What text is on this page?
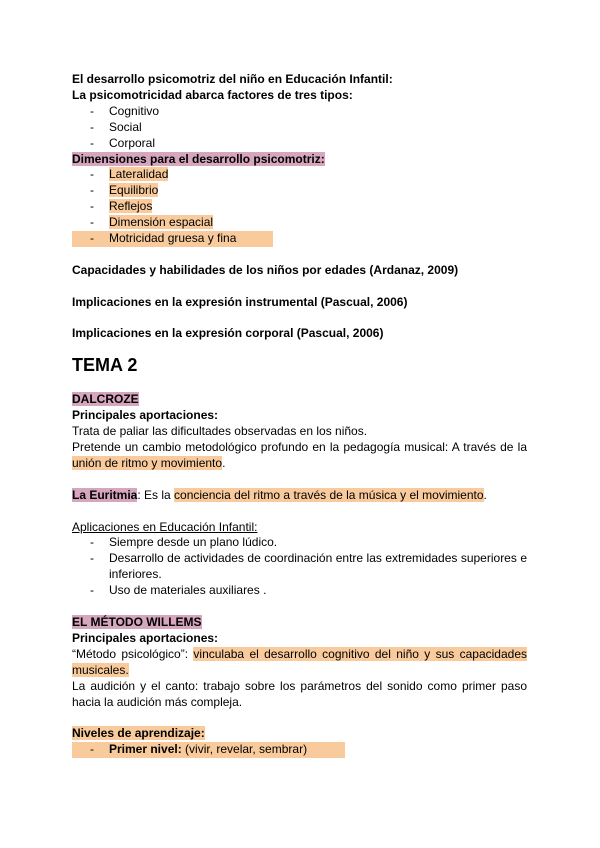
El desarrollo psicomotriz del niño en Educación Infantil:

La psicomotricidad abarca factores de tres tipos:

- Cognitivo
- Social
- Corporal

Dimensiones para el desarrollo psicomotriz:

- Lateralidad
- Equilibrio
- Reflejos
- Dimensión espacial
- Motricidad gruesa y fina

Capacidades y habilidades de los niños por edades (Ardanaz, 2009)

Implicaciones en la expresión instrumental (Pascual, 2006)

Implicaciones en la expresión corporal (Pascual, 2006)

TEMA 2

DALCROZE

Principales aportaciones:

Trata de paliar las dificultades observadas en los niños.

Pretende un cambio metodológico profundo en la pedagogía musical: A través de la unión de ritmo y movimiento.

La Euritmia: Es la conciencia del ritmo a través de la música y el movimiento.

Aplicaciones en Educación Infantil:

- Siempre desde un plano lúdico.
- Desarrollo de actividades de coordinación entre las extremidades superiores e inferiores.
- Uso de materiales auxiliares .

EL MÉTODO WILLEMS

Principales aportaciones:

“Método psicológico”: vinculaba el desarrollo cognitivo del niño y sus capacidades musicales.

La audición y el canto: trabajo sobre los parámetros del sonido como primer paso hacia la audición más compleja.

Niveles de aprendizaje:

- Primer nivel: (vivir, revelar, sembrar)
